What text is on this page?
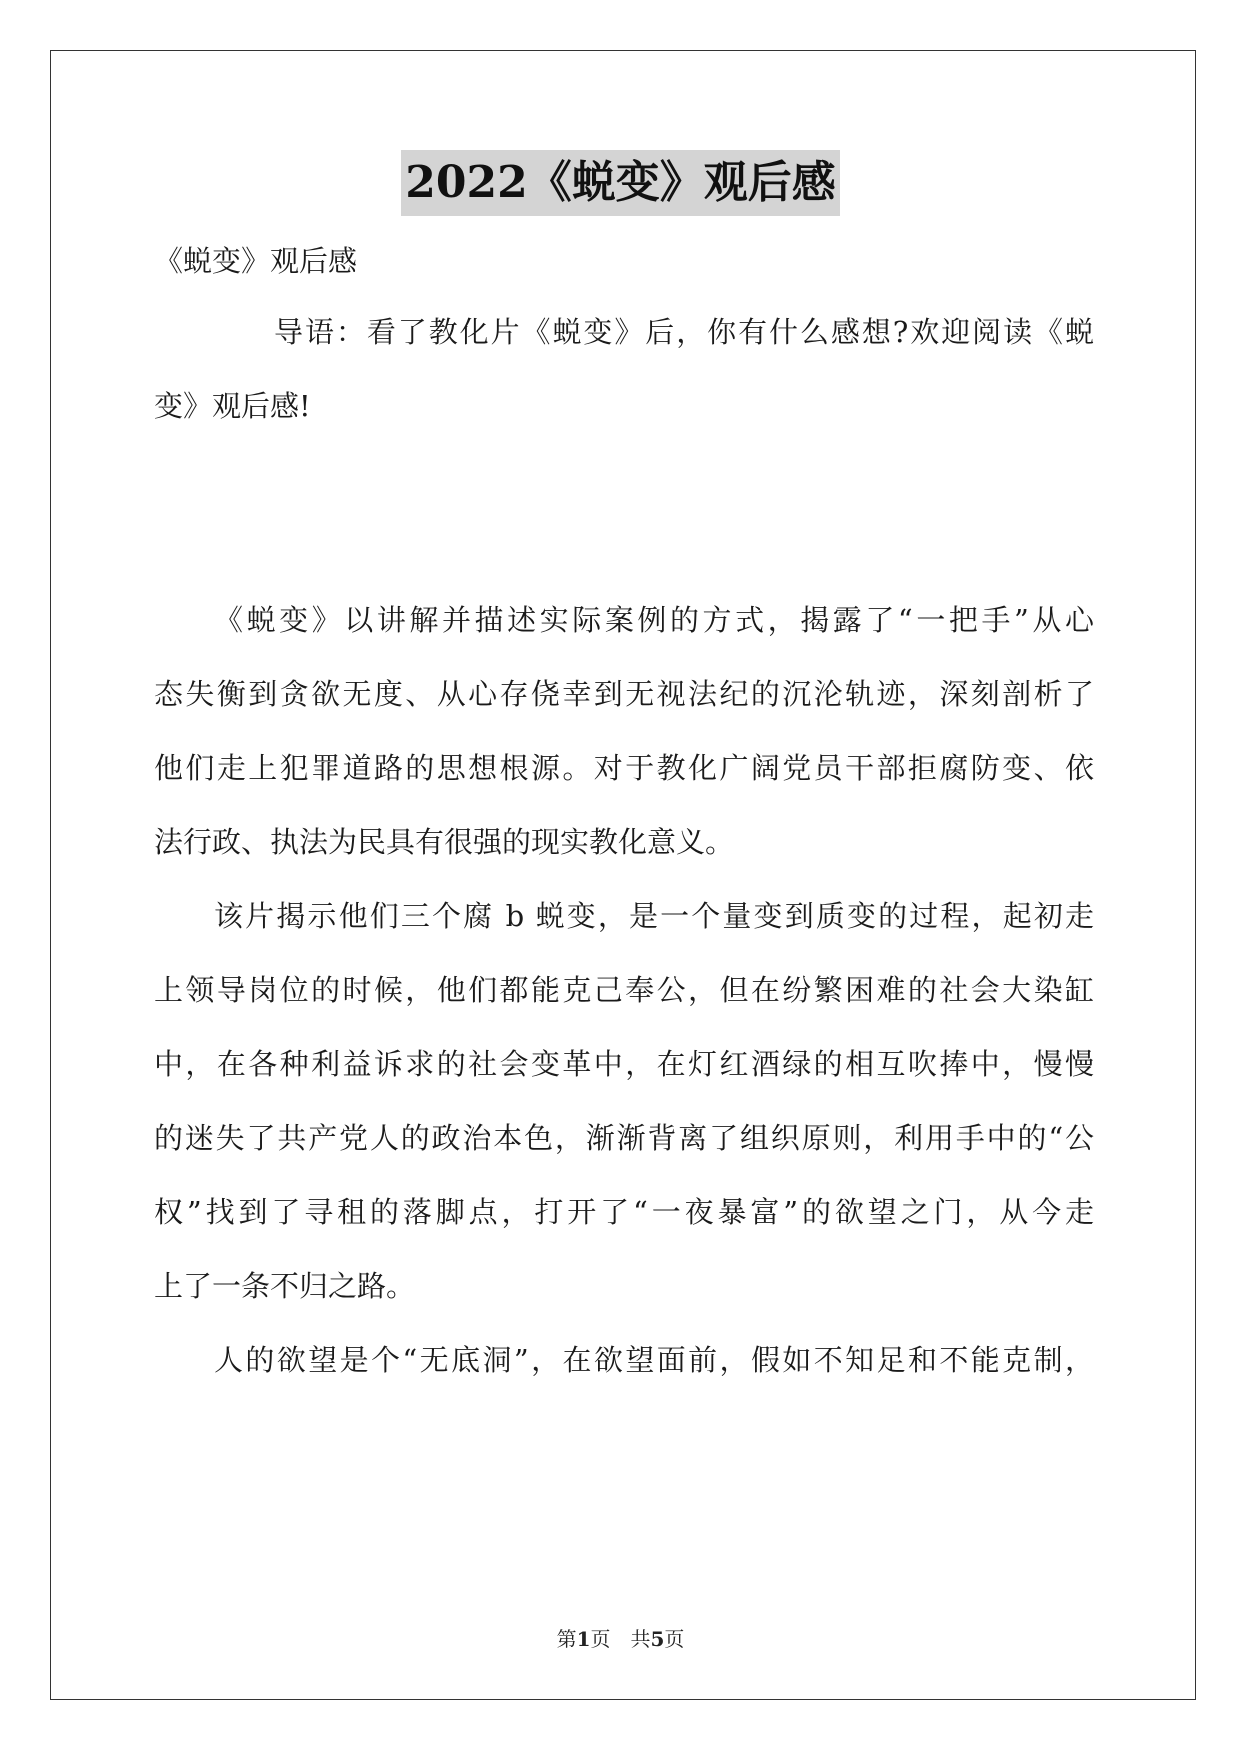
2022《蜕变》观后感
《蜕变》观后感
导语：看了教化片《蜕变》后，你有什么感想?欢迎阅读《蜕
变》观后感!
《蜕变》以讲解并描述实际案例的方式，揭露了“一把手”从心
态失衡到贪欲无度、从心存侥幸到无视法纪的沉沦轨迹，深刻剖析了
他们走上犯罪道路的思想根源。对于教化广阔党员干部拒腐防变、依
法行政、执法为民具有很强的现实教化意义。
该片揭示他们三个腐 b 蜕变，是一个量变到质变的过程，起初走
上领导岗位的时候，他们都能克己奉公，但在纷繁困难的社会大染缸
中，在各种利益诉求的社会变革中，在灯红酒绿的相互吹捧中，慢慢
的迷失了共产党人的政治本色，渐渐背离了组织原则，利用手中的“公
权”找到了寻租的落脚点，打开了“一夜暴富”的欲望之门，从今走
上了一条不归之路。
人的欲望是个“无底洞”，在欲望面前，假如不知足和不能克制，
第1页　共5页
